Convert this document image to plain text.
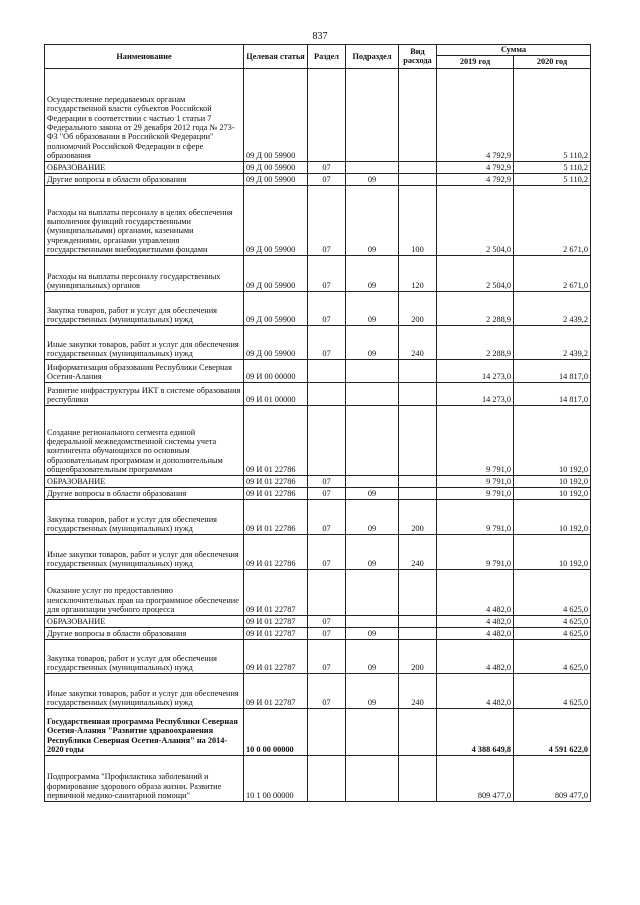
837
Наименование	Целевая статья	Раздел	Подраздел	Вид расхода	Сумма	
					2019 год	2020 год
Осуществление передаваемых органам государственной власти субъектов Российской Федерации в соответствии с частью 1 статьи 7 Федерального закона от 29 декабря 2012 года № 273-ФЗ "Об образовании в Российской Федерации" полномочий Российской Федерации в сфере образования	09 Д 00 59900				4 792,9	5 110,2
ОБРАЗОВАНИЕ	09 Д 00 59900	07			4 792,9	5 110,2
Другие вопросы в области образования	09 Д 00 59900	07	09		4 792,9	5 110,2
Расходы на выплаты персоналу в целях обеспечения выполнения функций государственными (муниципальными) органами, казенными учреждениями, органами управления государственными внебюджетными фондами	09 Д 00 59900	07	09	100	2 504,0	2 671,0
Расходы на выплаты персоналу государственных (муниципальных) органов	09 Д 00 59900	07	09	120	2 504,0	2 671,0
Закупка товаров, работ и услуг для обеспечения государственных (муниципальных) нужд	09 Д 00 59900	07	09	200	2 288,9	2 439,2
Иные закупки товаров, работ и услуг для обеспечения государственных (муниципальных) нужд	09 Д 00 59900	07	09	240	2 288,9	2 439,2
Информатизация образования Республики Северная Осетия-Алания	09 И 00 00000				14 273,0	14 817,0
Развитие инфраструктуры ИКТ в системе образования республики	09 И 01 00000				14 273,0	14 817,0
Создание регионального сегмента единой федеральной межведомственной системы учета контингента обучающихся по основным образовательным программам и дополнительным общеобразовательным программам	09 И 01 22786				9 791,0	10 192,0
ОБРАЗОВАНИЕ	09 И 01 22786	07			9 791,0	10 192,0
Другие вопросы в области образования	09 И 01 22786	07	09		9 791,0	10 192,0
Закупка товаров, работ и услуг для обеспечения государственных (муниципальных) нужд	09 И 01 22786	07	09	200	9 791,0	10 192,0
Иные закупки товаров, работ и услуг для обеспечения государственных (муниципальных) нужд	09 И 01 22786	07	09	240	9 791,0	10 192,0
Оказание услуг по предоставлению неисключительных прав на программное обеспечение для организации учебного процесса	09 И 01 22787				4 482,0	4 625,0
ОБРАЗОВАНИЕ	09 И 01 22787	07			4 482,0	4 625,0
Другие вопросы в области образования	09 И 01 22787	07	09		4 482,0	4 625,0
Закупка товаров, работ и услуг для обеспечения государственных (муниципальных) нужд	09 И 01 22787	07	09	200	4 482,0	4 625,0
Иные закупки товаров, работ и услуг для обеспечения государственных (муниципальных) нужд	09 И 01 22787	07	09	240	4 482,0	4 625,0
Государственная программа Республики Северная Осетия-Алания "Развитие здравоохранения Республики Северная Осетия-Алания" на 2014-2020 годы	10 0 00 00000				4 388 649,8	4 591 622,0
Подпрограмма "Профилактика заболеваний и формирование здорового образа жизни. Развитие первичной медико-санитарной помощи"	10 1 00 00000				809 477,0	809 477,0
